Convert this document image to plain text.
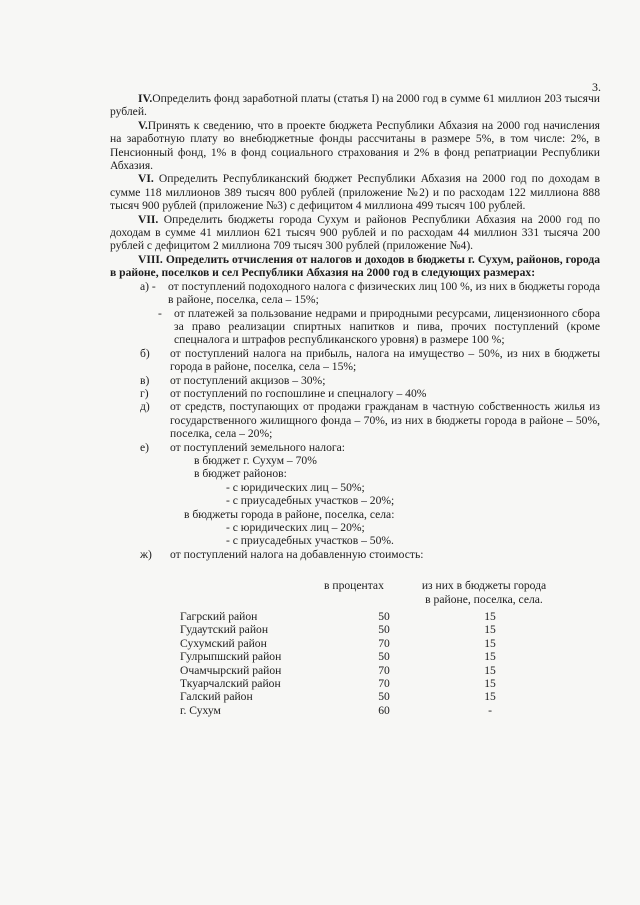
3.

IV.Определить фонд заработной платы (статья I) на 2000 год в сумме 61 миллион 203 тысячи рублей.

V.Принять к сведению, что в проекте бюджета Республики Абхазия на 2000 год начисления на заработную плату во внебюджетные фонды рассчитаны в размере 5%, в том числе: 2%, в Пенсионный фонд, 1% в фонд социального страхования и 2% в фонд репатриации Республики Абхазия.

VI. Определить Республиканский бюджет Республики Абхазия на 2000 год по доходам в сумме 118 миллионов 389 тысяч 800 рублей (приложение №2) и по расходам 122 миллиона 888 тысяч 900 рублей (приложение №3) с дефицитом 4 миллиона 499 тысяч 100 рублей.

VII. Определить бюджеты города Сухум и районов Республики Абхазия на 2000 год по доходам в сумме 41 миллион 621 тысяч 900 рублей и по расходам 44 миллион 331 тысяча 200 рублей с дефицитом 2 миллиона 709 тысяч 300 рублей (приложение №4).

VIII. Определить отчисления от налогов и доходов в бюджеты г. Сухум, районов, города в районе, поселков и сел Республики Абхазия на 2000 год в следующих размерах:

а) -	от поступлений подоходного налога с физических лиц 100 %, из них в бюджеты города в районе, поселка, села – 15%;
-	от платежей за пользование недрами и природными ресурсами, лицензионного сбора за право реализации спиртных напитков и пива, прочих поступлений (кроме спецналога и штрафов республиканского уровня) в размере 100 %;
б)	от поступлений налога на прибыль, налога на имущество – 50%, из них в бюджеты города в районе, поселка, села – 15%;
в)	от поступлений акцизов – 30%;
г)	от поступлений по госпошлине и спецналогу – 40%
д)	от средств, поступающих от продажи гражданам в частную собственность жилья из государственного жилищного фонда – 70%, из них в бюджеты города в районе – 50%, поселка, села – 20%;
е)	от поступлений земельного налога:

в бюджет г. Сухум – 70%

в бюджет районов:

- с юридических лиц – 50%;

- с приусадебных участков – 20%;

в бюджеты города в районе, поселка, села:

- с юридических лиц – 20%;

- с приусадебных участков – 50%.

ж)	от поступлений налога на добавленную стоимость:
в процентах	из них в бюджеты города
в районе, поселка, села.
Гагрский район	50	15
Гудаутский район	50	15
Сухумский район	70	15
Гулрыпшский район	50	15
Очамчырский район	70	15
Ткуарчалский район	70	15
Галский район	50	15
г. Сухум	60	-
